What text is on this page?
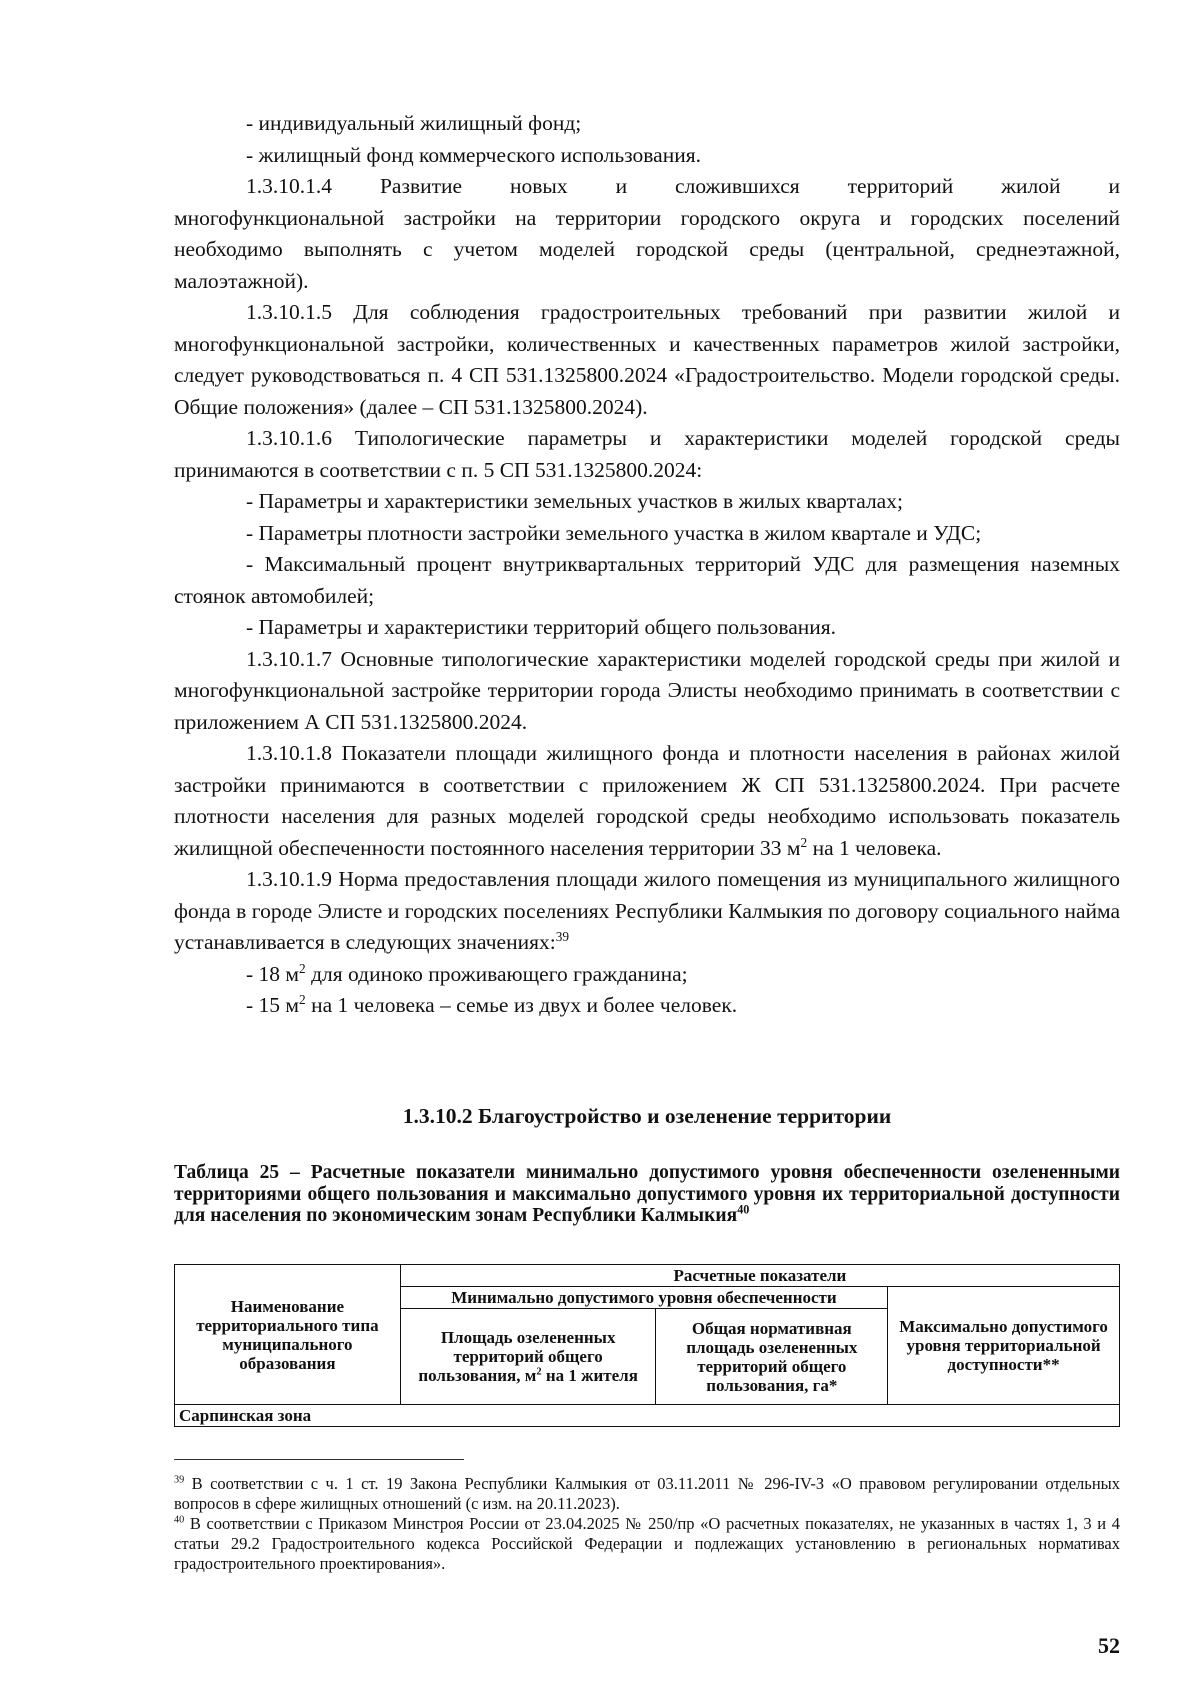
- индивидуальный жилищный фонд;

- жилищный фонд коммерческого использования.

1.3.10.1.4 Развитие новых и сложившихся территорий жилой и

многофункциональной застройки на территории городского округа и городских поселений необходимо выполнять с учетом моделей городской среды (центральной, среднеэтажной, малоэтажной).

1.3.10.1.5 Для соблюдения градостроительных требований при развитии жилой и многофункциональной застройки, количественных и качественных параметров жилой застройки, следует руководствоваться п. 4 СП 531.1325800.2024 «Градостроительство. Модели городской среды. Общие положения» (далее – СП 531.1325800.2024).

1.3.10.1.6 Типологические параметры и характеристики моделей городской среды принимаются в соответствии с п. 5 СП 531.1325800.2024:

- Параметры и характеристики земельных участков в жилых кварталах;

- Параметры плотности застройки земельного участка в жилом квартале и УДС;

- Максимальный процент внутриквартальных территорий УДС для размещения наземных стоянок автомобилей;

- Параметры и характеристики территорий общего пользования.

1.3.10.1.7 Основные типологические характеристики моделей городской среды при жилой и многофункциональной застройке территории города Элисты необходимо принимать в соответствии с приложением А СП 531.1325800.2024.

1.3.10.1.8 Показатели площади жилищного фонда и плотности населения в районах жилой застройки принимаются в соответствии с приложением Ж СП 531.1325800.2024. При расчете плотности населения для разных моделей городской среды необходимо использовать показатель жилищной обеспеченности постоянного населения территории 33 $м^2$ на 1 человека.

1.3.10.1.9 Норма предоставления площади жилого помещения из муниципального жилищного фонда в городе Элисте и городских поселениях Республики Калмыкия по договору социального найма устанавливается в следующих значениях:$^{39}$

- 18 $м^2$ для одиноко проживающего гражданина;

- 15 $м^2$ на 1 человека – семье из двух и более человек.

1.3.10.2 Благоустройство и озеленение территории

Таблица 25 – Расчетные показатели минимально допустимого уровня обеспеченности озелененными территориями общего пользования и максимально допустимого уровня их территориальной доступности для населения по экономическим зонам Республики Калмыкия$^{40}$

Наименование территориального типа муниципального образования	Расчетные показатели		
	Минимально допустимого уровня обеспеченности		Максимально допустимого уровня территориальной доступности**
	Площадь озелененных территорий общего пользования, $м^2$ на 1 жителя	Общая нормативная площадь озелененных территорий общего пользования, га*	
Сарпинская зона			

$^{39}$ В соответствии с ч. 1 ст. 19 Закона Республики Калмыкия от 03.11.2011 № 296-IV-З «О правовом регулировании отдельных вопросов в сфере жилищных отношений (с изм. на 20.11.2023).

$^{40}$ В соответствии с Приказом Минстроя России от 23.04.2025 № 250/пр «О расчетных показателях, не указанных в частях 1, 3 и 4 статьи 29.2 Градостроительного кодекса Российской Федерации и подлежащих установлению в региональных нормативах градостроительного проектирования».

52
